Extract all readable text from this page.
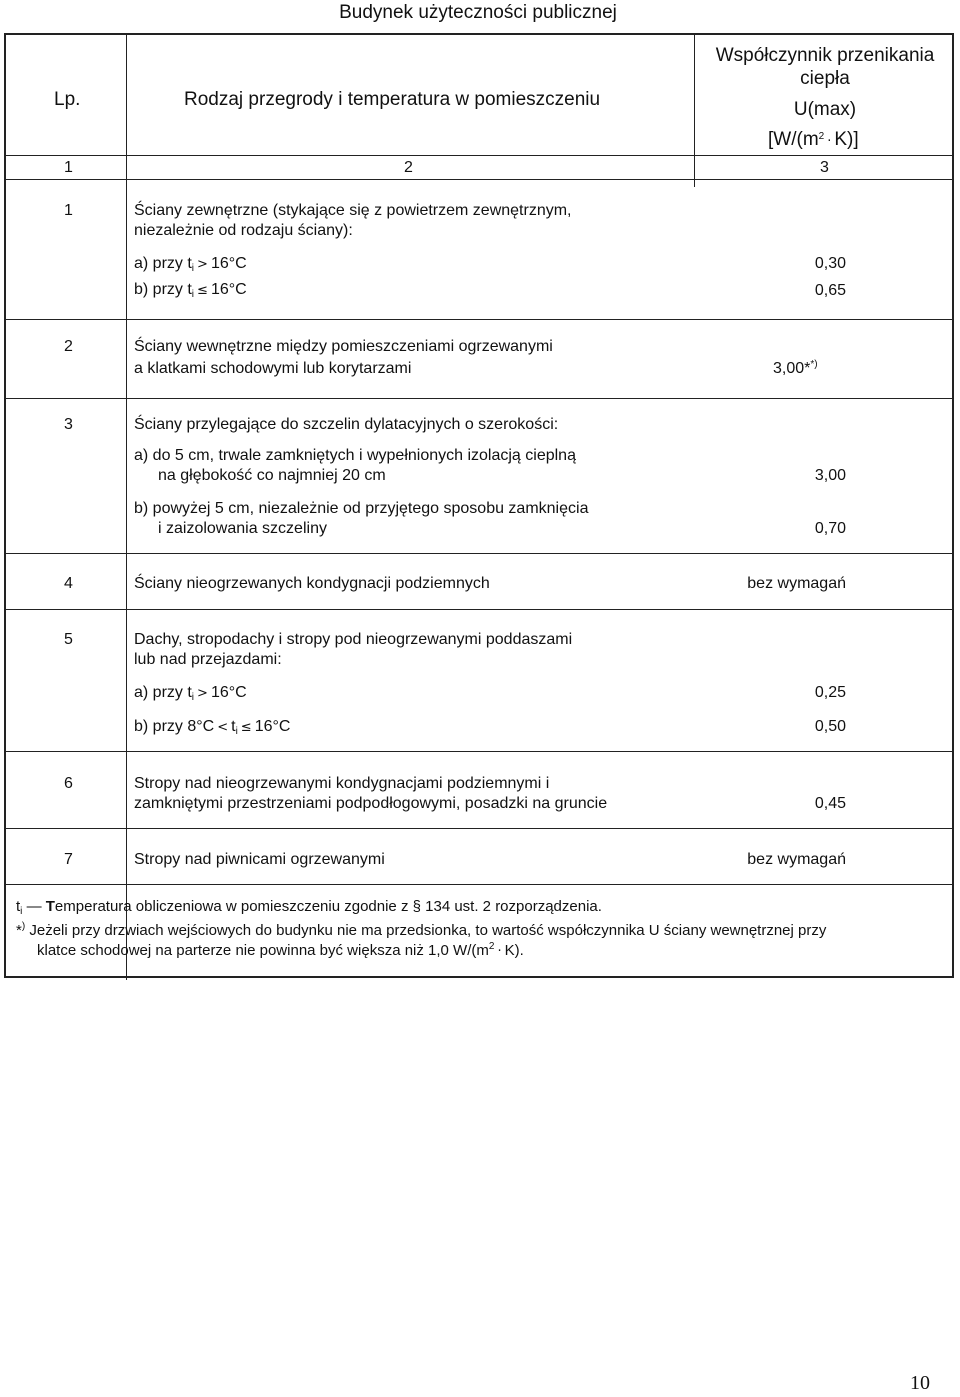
Budynek użyteczności publicznej
Lp.	Rodzaj przegrody i temperatura w pomieszczeniu
Współczynnik przenikania
ciepła
U(max)
$[W/(m^2 \cdot K)]$
1	2	3
1	Ściany zewnętrzne (stykające się z powietrzem zewnętrznym,
niezależnie od rodzaju ściany):
a) przy $t_i > 16^\circ C$	0,30
b) przy $t_i \le 16^\circ C$	0,65
2	Ściany wewnętrzne między pomieszczeniami ogrzewanymi
a klatkami schodowymi lub korytarzami	3,00**)
3	Ściany przylegające do szczelin dylatacyjnych o szerokości:
a) do 5 cm, trwale zamkniętych i wypełnionych izolacją cieplną
na głębokość co najmniej 20 cm	3,00
b) powyżej 5 cm, niezależnie od przyjętego sposobu zamknięcia
i zaizolowania szczeliny	0,70
4	Ściany nieogrzewanych kondygnacji podziemnych	bez wymagań
5	Dachy, stropodachy i stropy pod nieogrzewanymi poddaszami
lub nad przejazdami:
a) przy $t_i > 16^\circ C$	0,25
b) przy $8^\circ C < t_i \le 16^\circ C$	0,50
6	Stropy nad nieogrzewanymi kondygnacjami podziemnymi i
zamkniętymi przestrzeniami podpodłogowymi, posadzki na gruncie	0,45
7	Stropy nad piwnicami ogrzewanymi	bez wymagań
$t_i$ — Temperatura obliczeniowa w pomieszczeniu zgodnie z § 134 ust. 2 rozporządzenia.
*) Jeżeli przy drzwiach wejściowych do budynku nie ma przedsionka, to wartość współczynnika U ściany wewnętrznej przy
klatce schodowej na parterze nie powinna być większa niż 1,0 $W/(m^2 \cdot K)$.
10
